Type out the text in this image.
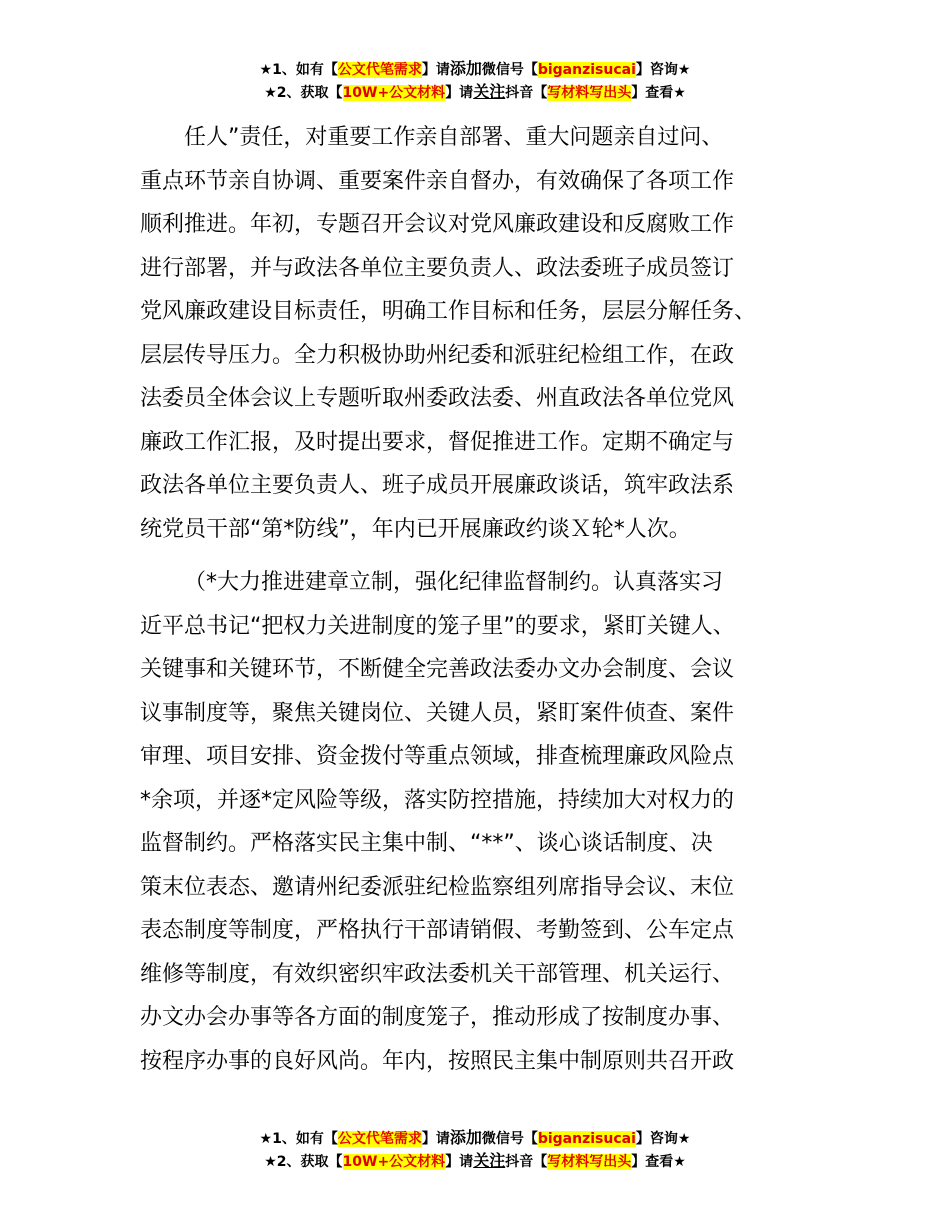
★1、如有【公文代笔需求】请添加微信号【biganzisucai】咨询★
★2、获取【10W+公文材料】请关注抖音【写材料写出头】查看★

任人”责任，对重要工作亲自部署、重大问题亲自过问、
重点环节亲自协调、重要案件亲自督办，有效确保了各项工作
顺利推进。年初，专题召开会议对党风廉政建设和反腐败工作
进行部署，并与政法各单位主要负责人、政法委班子成员签订
党风廉政建设目标责任，明确工作目标和任务，层层分解任务、
层层传导压力。全力积极协助州纪委和派驻纪检组工作，在政
法委员全体会议上专题听取州委政法委、州直政法各单位党风
廉政工作汇报，及时提出要求，督促推进工作。定期不确定与
政法各单位主要负责人、班子成员开展廉政谈话，筑牢政法系
统党员干部“第*防线”，年内已开展廉政约谈Ｘ轮*人次。

（*大力推进建章立制，强化纪律监督制约。认真落实习
近平总书记“把权力关进制度的笼子里”的要求，紧盯关键人、
关键事和关键环节，不断健全完善政法委办文办会制度、会议
议事制度等，聚焦关键岗位、关键人员，紧盯案件侦查、案件
审理、项目安排、资金拨付等重点领域，排查梳理廉政风险点
*余项，并逐*定风险等级，落实防控措施，持续加大对权力的
监督制约。严格落实民主集中制、“**”、谈心谈话制度、决
策末位表态、邀请州纪委派驻纪检监察组列席指导会议、末位
表态制度等制度，严格执行干部请销假、考勤签到、公车定点
维修等制度，有效织密织牢政法委机关干部管理、机关运行、
办文办会办事等各方面的制度笼子，推动形成了按制度办事、
按程序办事的良好风尚。年内，按照民主集中制原则共召开政

★1、如有【公文代笔需求】请添加微信号【biganzisucai】咨询★
★2、获取【10W+公文材料】请关注抖音【写材料写出头】查看★
